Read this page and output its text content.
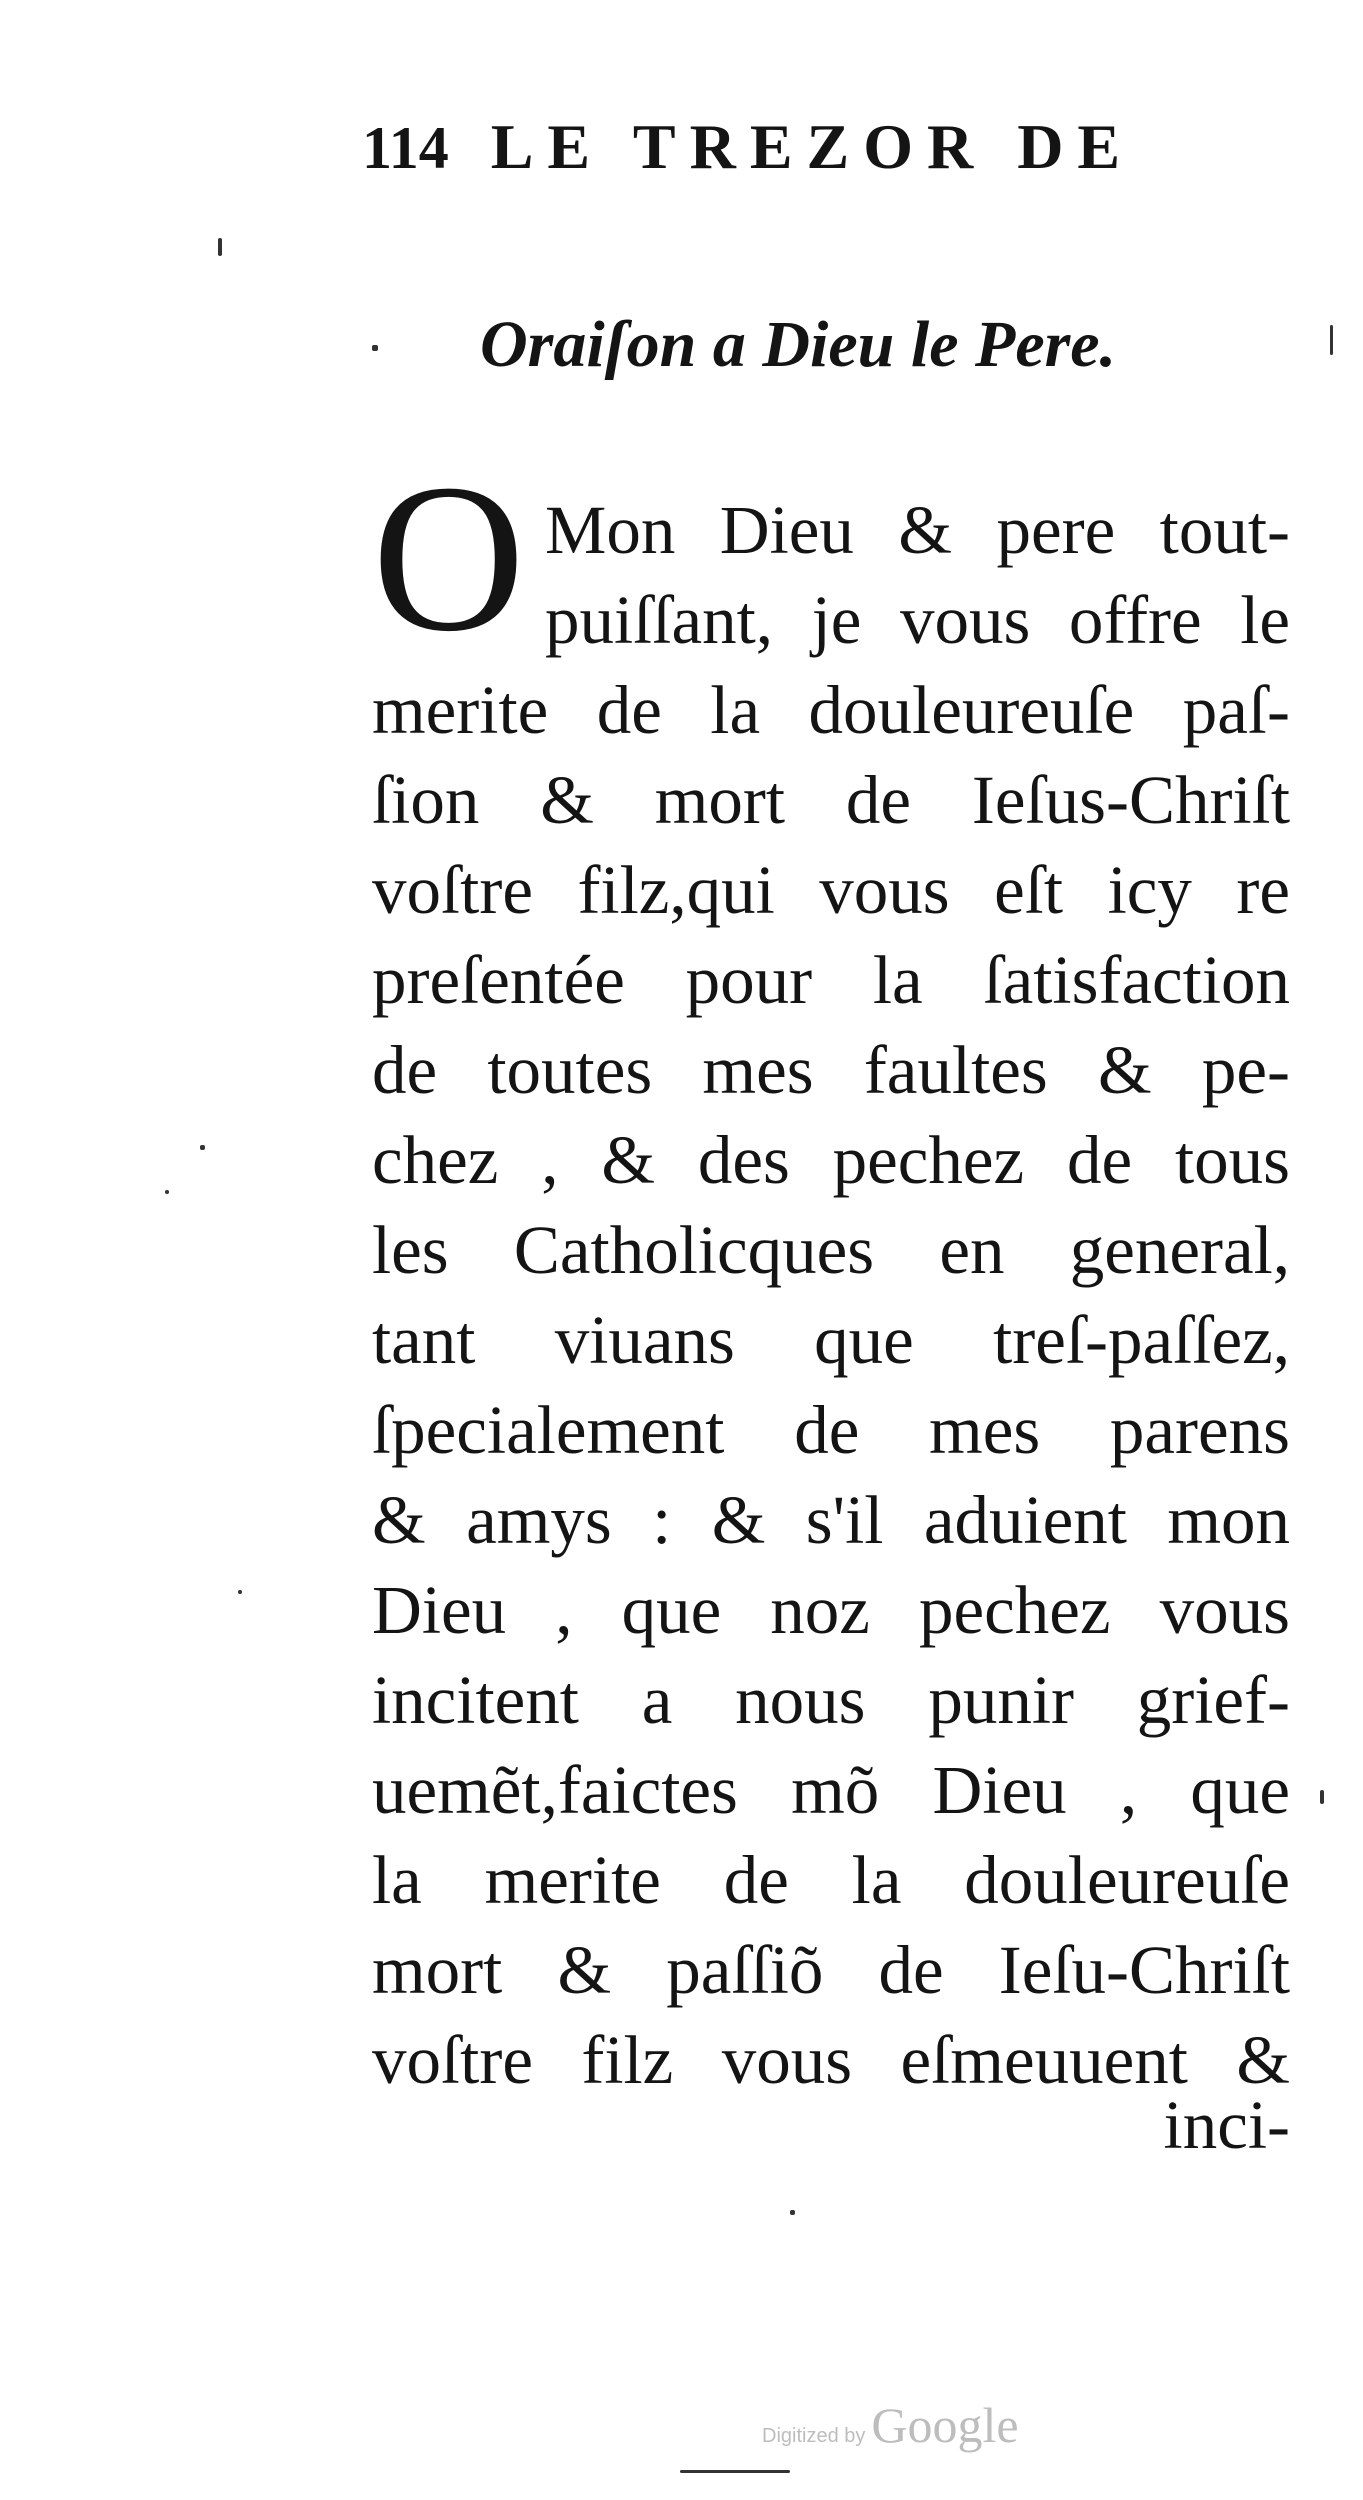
114 LE TREZOR DE
Oraiſon a Dieu le Pere.
O Mon Dieu & pere tout-
puiſſant, je vous offre le
merite de la douleureuſe paſ-
ſion & mort de Ieſus-Chriſt
voſtre filz,qui vous eſt icy re
preſentée pour la ſatisfaction
de toutes mes faultes & pe-
chez , & des pechez de tous
les Catholicques en general,
tant viuans que treſ-paſſez,
ſpecialement de mes parens
& amys : & s'il aduient mon
Dieu , que noz pechez vous
incitent a nous punir grief-
uemẽt,faictes mõ Dieu , que
la merite de la douleureuſe
mort & paſſiõ de Ieſu-Chriſt
voſtre filz vous eſmeuuent &
inci-
Digitized by Google
